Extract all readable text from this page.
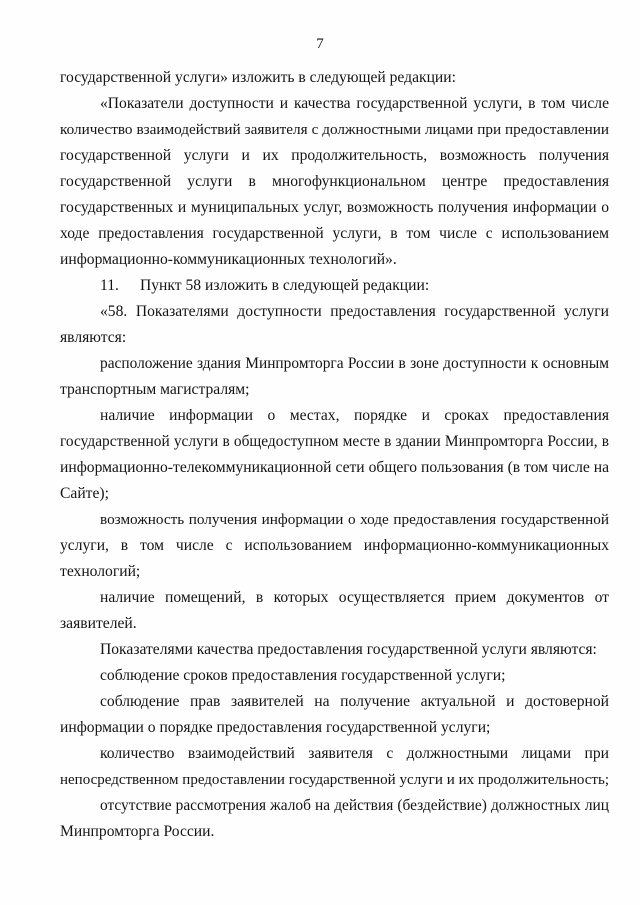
7
государственной услуги» изложить в следующей редакции:
«Показатели доступности и качества государственной услуги, в том числе
количество взаимодействий заявителя с должностными лицами при предоставлении
государственной услуги и их продолжительность, возможность получения
государственной услуги в многофункциональном центре предоставления
государственных и муниципальных услуг, возможность получения информации о
ходе предоставления государственной услуги, в том числе с использованием
информационно-коммуникационных технологий».
11.	Пункт 58 изложить в следующей редакции:
«58. Показателями доступности предоставления государственной услуги
являются:
расположение здания Минпромторга России в зоне доступности к основным
транспортным магистралям;
наличие информации о местах, порядке и сроках предоставления
государственной услуги в общедоступном месте в здании Минпромторга России, в
информационно-телекоммуникационной сети общего пользования (в том числе на
Сайте);
возможность получения информации о ходе предоставления государственной
услуги, в том числе с использованием информационно-коммуникационных
технологий;
наличие помещений, в которых осуществляется прием документов от
заявителей.
Показателями качества предоставления государственной услуги являются:
соблюдение сроков предоставления государственной услуги;
соблюдение прав заявителей на получение актуальной и достоверной
информации о порядке предоставления государственной услуги;
количество взаимодействий заявителя с должностными лицами при
непосредственном предоставлении государственной услуги и их продолжительность;
отсутствие рассмотрения жалоб на действия (бездействие) должностных лиц
Минпромторга России.
